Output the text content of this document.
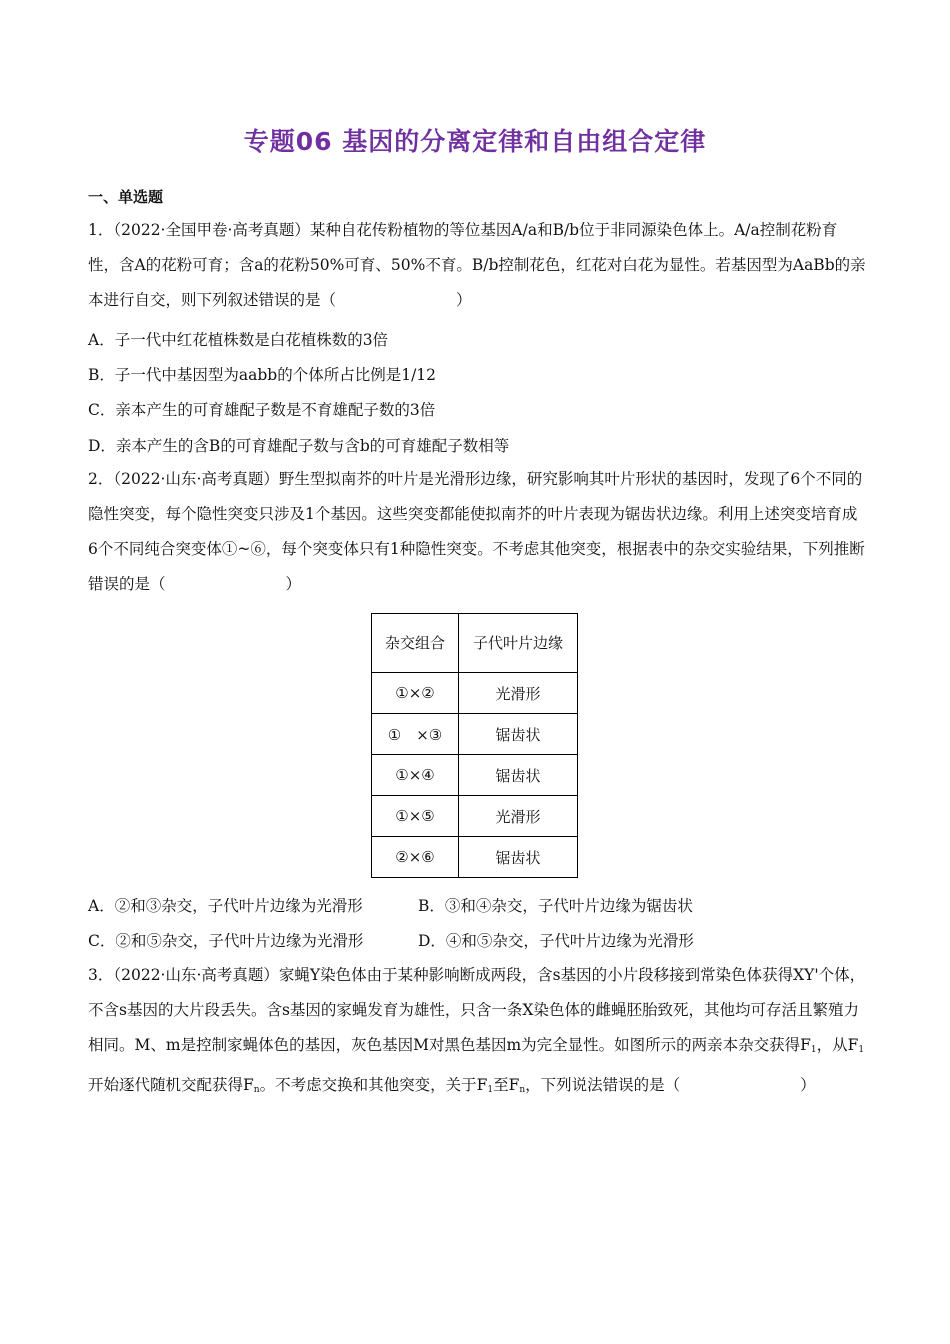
专题06 基因的分离定律和自由组合定律
一、单选题
1．（2022·全国甲卷·高考真题）某种自花传粉植物的等位基因A/a和B/b位于非同源染色体上。A/a控制花粉育性，含A的花粉可育；含a的花粉50%可育、50%不育。B/b控制花色，红花对白花为显性。若基因型为AaBb的亲本进行自交，则下列叙述错误的是（	）
A．子一代中红花植株数是白花植株数的3倍
B．子一代中基因型为aabb的个体所占比例是1/12
C．亲本产生的可育雄配子数是不育雄配子数的3倍
D．亲本产生的含B的可育雄配子数与含b的可育雄配子数相等
2．（2022·山东·高考真题）野生型拟南芥的叶片是光滑形边缘，研究影响其叶片形状的基因时，发现了6个不同的隐性突变，每个隐性突变只涉及1个基因。这些突变都能使拟南芥的叶片表现为锯齿状边缘。利用上述突变培育成6个不同纯合突变体①~⑥，每个突变体只有1种隐性突变。不考虑其他突变，根据表中的杂交实验结果，下列推断错误的是（	）
杂交组合	子代叶片边缘
①×②	光滑形
①　×③	锯齿状
①×④	锯齿状
①×⑤	光滑形
②×⑥	锯齿状
A．②和③杂交，子代叶片边缘为光滑形	B．③和④杂交，子代叶片边缘为锯齿状
C．②和⑤杂交，子代叶片边缘为光滑形	D．④和⑤杂交，子代叶片边缘为光滑形
3．（2022·山东·高考真题）家蝇Y染色体由于某种影响断成两段，含s基因的小片段移接到常染色体获得XY'个体，不含s基因的大片段丢失。含s基因的家蝇发育为雄性，只含一条X染色体的雌蝇胚胎致死，其他均可存活且繁殖力相同。M、m是控制家蝇体色的基因，灰色基因M对黑色基因m为完全显性。如图所示的两亲本杂交获得$F_1$，从$F_1$开始逐代随机交配获得$F_n$。不考虑交换和其他突变，关于$F_1$至$F_n$，下列说法错误的是（	）
